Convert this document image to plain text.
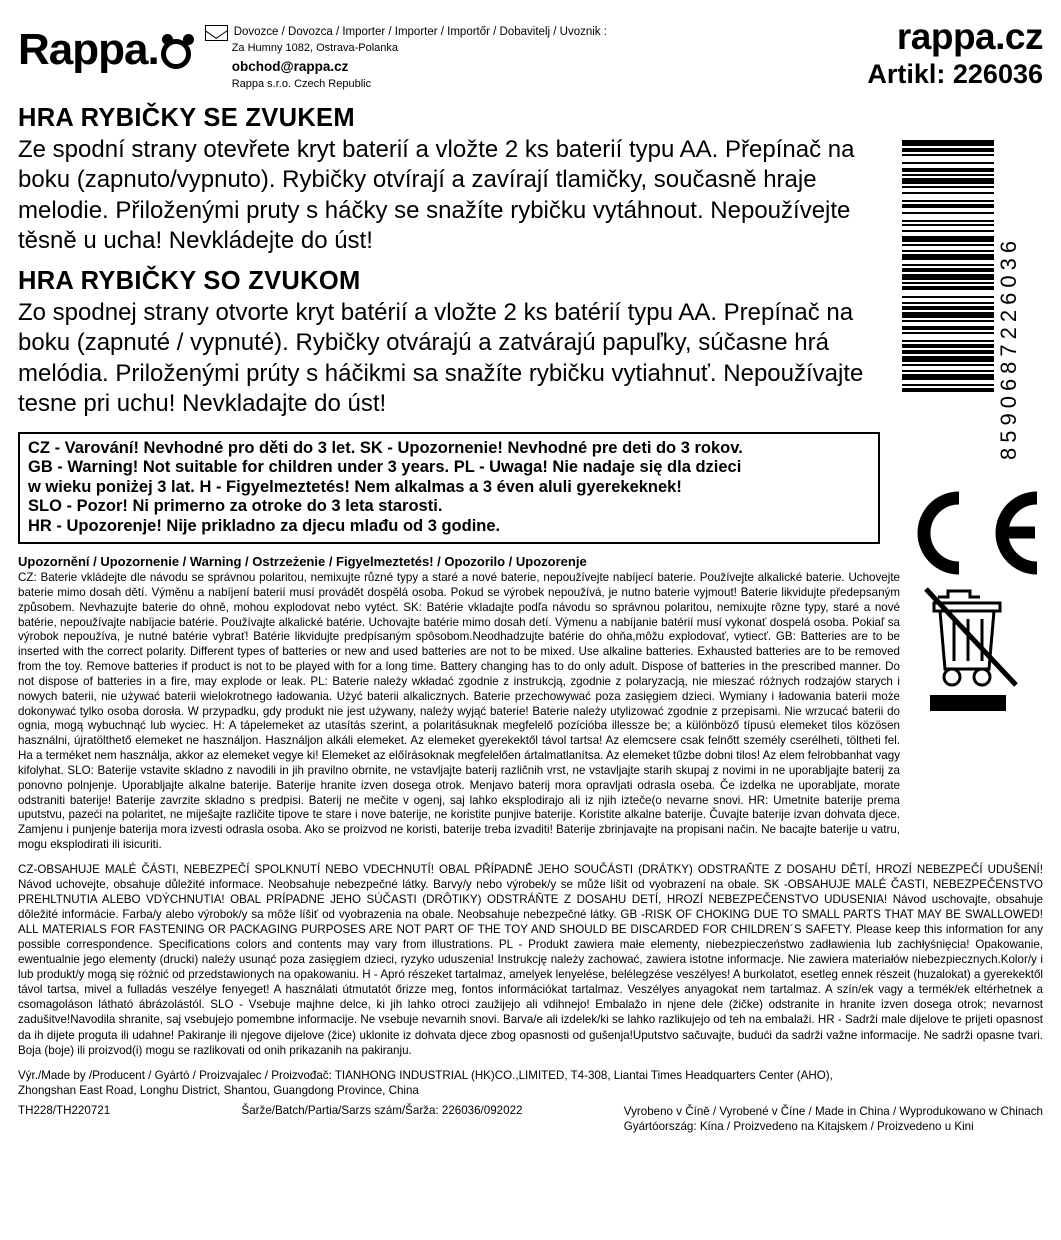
Rappa.	Dovozce / Dovozca / Importer / Importer / Importőr / Dobavitelj / Uvoznik :
Za Humny 1082, Ostrava-Polanka
obchod@rappa.cz
Rappa s.r.o. Czech Republic
rappa.cz
Artikl: 226036
HRA RYBIČKY SE ZVUKEM

Ze spodní strany otevřete kryt baterií a vložte 2 ks baterií typu AA. Přepínač na boku (zapnuto/vypnuto). Rybičky otvírají a zavírají tlamičky, současně hraje melodie. Přiloženými pruty s háčky se snažíte rybičku vytáhnout. Nepoužívejte těsně u ucha! Nevkládejte do úst!

HRA RYBIČKY SO ZVUKOM

Zo spodnej strany otvorte kryt batérií a vložte 2 ks batérií typu AA. Prepínač na boku (zapnuté / vypnuté). Rybičky otvárajú a zatvárajú papuľky, súčasne hrá melódia. Priloženými prúty s háčikmi sa snažíte rybičku vytiahnuť. Nepoužívajte tesne pri uchu! Nevkladajte do úst!	8590687226036
CZ - Varování! Nevhodné pro děti do 3 let. SK - Upozornenie! Nevhodné pre deti do 3 rokov.
GB - Warning! Not suitable for children under 3 years. PL - Uwaga! Nie nadaje się dla dzieci
w wieku poniżej 3 lat. H - Figyelmeztetés! Nem alkalmas a 3 éven aluli gyerekeknek!
SLO - Pozor! Ni primerno za otroke do 3 leta starosti.
HR - Upozorenje! Nije prikladno za djecu mlađu od 3 godine.
Upozornění / Upozornenie / Warning / Ostrzeżenie / Figyelmeztetés! / Opozorilo / Upozorenje
CZ: Baterie vkládejte dle návodu se správnou polaritou, nemixujte různé typy a staré a nové baterie, nepoužívejte nabíjecí baterie. Používejte alkalické baterie. Uchovejte baterie mimo dosah dětí. Výměnu a nabíjení baterií musí provádět dospělá osoba. Pokud se výrobek nepoužívá, je nutno baterie vyjmout! Baterie likvidujte předepsaným způsobem. Nevhazujte baterie do ohně, mohou explodovat nebo vytéct. SK: Batérie vkladajte podľa návodu so správnou polaritou, nemixujte rôzne typy, staré a nové batérie, nepoužívajte nabíjacie batérie. Používajte alkalické batérie. Uchovajte batérie mimo dosah detí. Výmenu a nabíjanie batérií musí vykonať dospelá osoba. Pokiaľ sa výrobok nepoužíva, je nutné batérie vybrať! Batérie likvidujte predpísaným spôsobom.Neodhadzujte batérie do ohňa,môžu explodovať, vytiecť. GB: Batteries are to be inserted with the correct polarity. Different types of batteries or new and used batteries are not to be mixed. Use alkaline batteries. Exhausted batteries are to be removed from the toy. Remove batteries if product is not to be played with for a long time. Battery changing has to do only adult. Dispose of batteries in the prescribed manner. Do not dispose of batteries in a fire, may explode or leak. PL: Baterie należy wkładać zgodnie z instrukcją, zgodnie z polaryzacją, nie mieszać różnych rodzajów starych i nowych baterii, nie używać baterii wielokrotnego ładowania. Użyć baterii alkalicznych. Baterie przechowywać poza zasięgiem dzieci. Wymiany i ładowania baterii może dokonywać tylko osoba dorosła. W przypadku, gdy produkt nie jest używany, należy wyjąć baterie! Baterie należy utylizować zgodnie z przepisami. Nie wrzucać baterii do ognia, mogą wybuchnąć lub wyciec. H: A tápelemeket az utasítás szerint, a polaritásuknak megfelelő pozícióba illessze be; a különböző típusú elemeket tilos közösen használni, újratölthető elemeket ne használjon. Használjon alkáli elemeket. Az elemeket gyerekektől távol tartsa! Az elemcsere csak felnőtt személy cserélheti, töltheti fel. Ha a terméket nem használja, akkor az elemeket vegye ki! Elemeket az előírásoknak megfelelően ártalmatlanítsa. Az elemeket tűzbe dobni tilos! Az elem felrobbanhat vagy kifolyhat. SLO: Baterije vstavite skladno z navodili in jih pravilno obrnite, ne vstavljajte baterij različnih vrst, ne vstavljajte starih skupaj z novimi in ne uporabljajte baterij za ponovno polnjenje. Uporabljajte alkalne baterije. Baterije hranite izven dosega otrok. Menjavo baterij mora opravljati odrasla oseba. Če izdelka ne uporabljate, morate odstraniti baterije! Baterije zavrzite skladno s predpisi. Baterij ne mečite v ogenj, saj lahko eksplodirajo ali iz njih izteče(o nevarne snovi. HR: Umetnite baterije prema uputstvu, pazeći na polaritet, ne miješajte različite tipove te stare i nove baterije, ne koristite punjive baterije. Koristite alkalne baterije. Čuvajte baterije izvan dohvata djece. Zamjenu i punjenje baterija mora izvesti odrasla osoba. Ako se proizvod ne koristi, baterije treba izvaditi! Baterije zbrinjavajte na propisani način. Ne bacajte baterije u vatru, mogu eksplodirati ili isicuriti.
CZ-OBSAHUJE MALÉ ČÁSTI, NEBEZPEČÍ SPOLKNUTÍ NEBO VDECHNUTÍ! OBAL PŘÍPADNĚ JEHO SOUČÁSTI (DRÁTKY) ODSTRAŇTE Z DOSAHU DĚTÍ, HROZÍ NEBEZPEČÍ UDUŠENÍ! Návod uchovejte, obsahuje důležité informace. Neobsahuje nebezpečné látky. Barvy/y nebo výrobek/y se může lišit od vyobrazení na obale. SK -OBSAHUJE MALÉ ČASTI, NEBEZPEČENSTVO PREHLTNUTIA ALEBO VDÝCHNUTIA! OBAL PRÍPADNE JEHO SÚČASTI (DRÔTIKY) ODSTRÁŇTE Z DOSAHU DETÍ, HROZÍ NEBEZPEČENSTVO UDUSENIA! Návod uschovajte, obsahuje dôležité informácie. Farba/y alebo výrobok/y sa môže líšiť od vyobrazenia na obale. Neobsahuje nebezpečné látky. GB -RISK OF CHOKING DUE TO SMALL PARTS THAT MAY BE SWALLOWED! ALL MATERIALS FOR FASTENING OR PACKAGING PURPOSES ARE NOT PART OF THE TOY AND SHOULD BE DISCARDED FOR CHILDREN´S SAFETY. Please keep this information for any possible correspondence. Specifications colors and contents may vary from illustrations. PL - Produkt zawiera małe elementy, niebezpieczeństwo zadławienia lub zachłyśnięcia! Opakowanie, ewentualnie jego elementy (drucki) należy usunąć poza zasięgiem dzieci, ryzyko uduszenia! Instrukcję należy zachować, zawiera istotne informacje. Nie zawiera materiałów niebezpiecznych.Kolor/y i lub produkt/y mogą się różnić od przedstawionych na opakowaniu. H - Apró részeket tartalmaz, amelyek lenyelése, belélegzése veszélyes! A burkolatot, esetleg ennek részeit (huzalokat) a gyerekektől távol tartsa, mivel a fulladás veszélye fenyeget! A használati útmutatót őrizze meg, fontos információkat tartalmaz. Veszélyes anyagokat nem tartalmaz. A szín/ek vagy a termék/ek eltérhetnek a csomagoláson látható ábrázolástól. SLO - Vsebuje majhne delce, ki jih lahko otroci zaužijejo ali vdihnejo! Embalažo in njene dele (žičke) odstranite in hranite izven dosega otrok; nevarnost zadušitve!Navodila shranite, saj vsebujejo pomembne informacije. Ne vsebuje nevarnih snovi. Barva/e ali izdelek/ki se lahko razlikujejo od teh na embalaži. HR - Sadrži male dijelove te prijeti opasnost da ih dijete proguta ili udahne! Pakiranje ili njegove dijelove (žice) uklonite iz dohvata djece zbog opasnosti od gušenja!Uputstvo sačuvajte, budući da sadrži važne informacije. Ne sadrži opasne tvari. Boja (boje) ili proizvod(i) mogu se razlikovati od onih prikazanih na pakiranju.
Výr./Made by /Producent / Gyártó / Proizvajalec / Proizvođač: TIANHONG INDUSTRIAL (HK)CO.,LIMITED, T4-308, Liantai Times Headquarters Center (AHO),
Zhongshan East Road, Longhu District, Shantou, Guangdong Province, China
TH228/TH220721	Šarže/Batch/Partia/Sarzs szám/Šarža: 226036/092022	Vyrobeno v Číně / Vyrobené v Číne / Made in China / Wyprodukowano w Chinach
Gyártóország: Kína / Proizvedeno na Kitajskem / Proizvedeno u Kini
